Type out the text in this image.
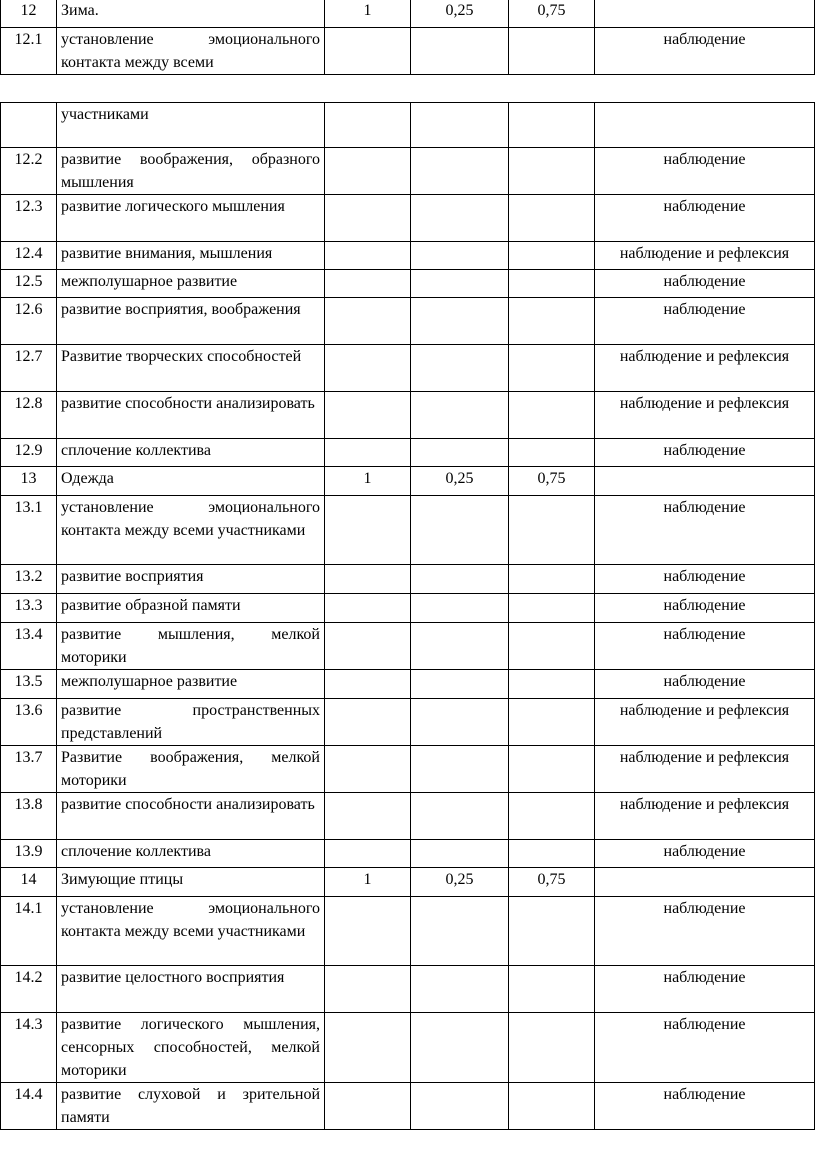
12	Зима.	1	0,25	0,75	
12.1	установление эмоционального контакта между всеми				наблюдение
	участниками				
12.2	развитие воображения, образного мышления				наблюдение
12.3	развитие логического мышления				наблюдение
12.4	развитие внимания, мышления				наблюдение и рефлексия
12.5	межполушарное развитие				наблюдение
12.6	развитие восприятия, воображения				наблюдение
12.7	Развитие творческих способностей				наблюдение и рефлексия
12.8	развитие способности анализировать				наблюдение и рефлексия
12.9	сплочение коллектива				наблюдение
13	Одежда	1	0,25	0,75	
13.1	установление эмоционального контакта между всеми участниками				наблюдение
13.2	развитие восприятия				наблюдение
13.3	развитие образной памяти				наблюдение
13.4	развитие мышления, мелкой моторики				наблюдение
13.5	межполушарное развитие				наблюдение
13.6	развитие пространственных представлений				наблюдение и рефлексия
13.7	Развитие воображения, мелкой моторики				наблюдение и рефлексия
13.8	развитие способности анализировать				наблюдение и рефлексия
13.9	сплочение коллектива				наблюдение
14	Зимующие птицы	1	0,25	0,75	
14.1	установление эмоционального контакта между всеми участниками				наблюдение
14.2	развитие целостного восприятия				наблюдение
14.3	развитие логического мышления, сенсорных способностей, мелкой моторики				наблюдение
14.4	развитие слуховой и зрительной памяти				наблюдение
